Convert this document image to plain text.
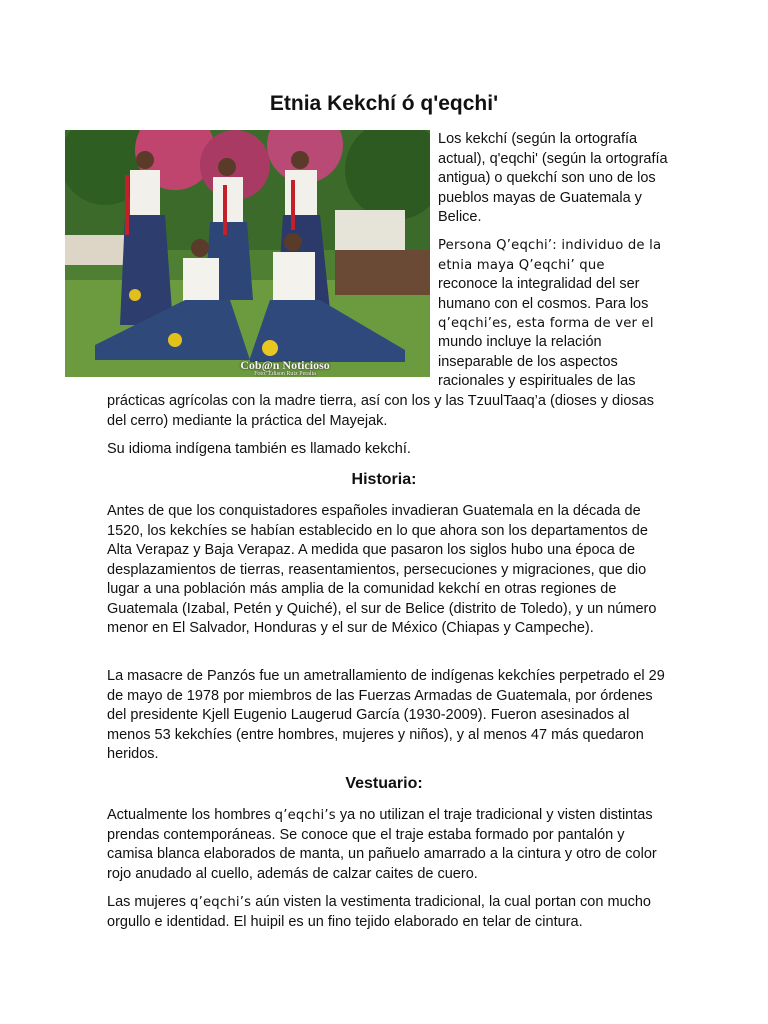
Etnia Kekchí ó q'eqchi'
Cob@n Noticioso
Foto: Edison Ruiz Peralta

Los kekchí (según la ortografía actual), q'eqchi' (según la ortografía antigua) o quekchí son uno de los pueblos mayas de Guatemala y Belice.

Persona Q’eqchi’: individuo de la etnia maya Q’eqchi’ que

reconoce la integralidad del ser humano con el cosmos. Para los

q’eqchi’es, esta forma de ver el

mundo incluye la relación inseparable de los aspectos racionales y espirituales de las

prácticas agrícolas con la madre tierra, así con los y las TzuulTaaq’a (dioses y diosas del cerro) mediante la práctica del Mayejak.

Su idioma indígena también es llamado kekchí.

Historia:

Antes de que los conquistadores españoles invadieran Guatemala en la década de 1520, los kekchíes se habían establecido en lo que ahora son los departamentos de Alta Verapaz y Baja Verapaz. A medida que pasaron los siglos hubo una época de desplazamientos de tierras, reasentamientos, persecuciones y migraciones, que dio lugar a una población más amplia de la comunidad kekchí en otras regiones de Guatemala (Izabal, Petén y Quiché), el sur de Belice (distrito de Toledo), y un número menor en El Salvador, Honduras y el sur de México (Chiapas y Campeche).

La masacre de Panzós fue un ametrallamiento de indígenas kekchíes perpetrado el 29 de mayo de 1978 por miembros de las Fuerzas Armadas de Guatemala, por órdenes del presidente Kjell Eugenio Laugerud García (1930-2009). Fueron asesinados al menos 53 kekchíes (entre hombres, mujeres y niños), y al menos 47 más quedaron heridos.

Vestuario:

Actualmente los hombres q’eqchi’s ya no utilizan el traje tradicional y visten distintas prendas contemporáneas. Se conoce que el traje estaba formado por pantalón y camisa blanca elaborados de manta, un pañuelo amarrado a la cintura y otro de color rojo anudado al cuello, además de calzar caites de cuero.

Las mujeres q’eqchi’s aún visten la vestimenta tradicional, la cual portan con mucho orgullo e identidad. El huipil es un fino tejido elaborado en telar de cintura.
